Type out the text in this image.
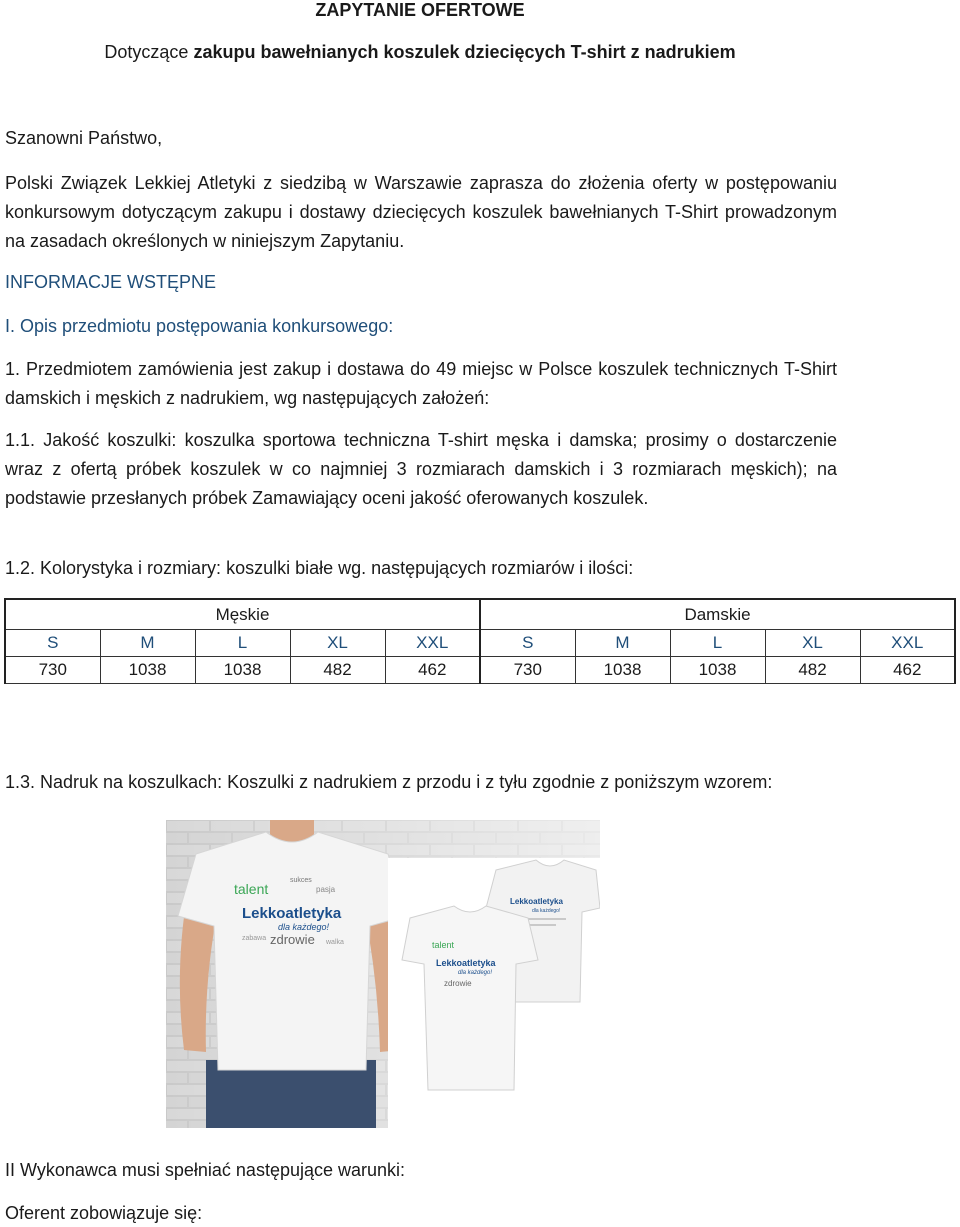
ZAPYTANIE OFERTOWE
Dotyczące zakupu bawełnianych koszulek dziecięcych T-shirt z nadrukiem
Szanowni Państwo,
Polski Związek Lekkiej Atletyki z siedzibą w Warszawie zaprasza do złożenia oferty w postępowaniu konkursowym dotyczącym zakupu i dostawy dziecięcych koszulek bawełnianych T-Shirt prowadzonym na zasadach określonych w niniejszym Zapytaniu.
INFORMACJE WSTĘPNE
I. Opis przedmiotu postępowania konkursowego:
1. Przedmiotem zamówienia jest zakup i dostawa do 49 miejsc w Polsce koszulek technicznych T-Shirt damskich i męskich z nadrukiem, wg następujących założeń:
1.1. Jakość koszulki: koszulka sportowa techniczna T-shirt męska i damska; prosimy o dostarczenie wraz z ofertą próbek koszulek w co najmniej 3 rozmiarach damskich i 3 rozmiarach męskich); na podstawie przesłanych próbek Zamawiający oceni jakość oferowanych koszulek.
1.2. Kolorystyka i rozmiary: koszulki białe wg. następujących rozmiarów i ilości:
Męskie					Damskie				
S	M	L	XL	XXL	S	M	L	XL	XXL
730	1038	1038	482	462	730	1038	1038	482	462
1.3. Nadruk na koszulkach: Koszulki z nadrukiem z przodu i z tyłu zgodnie z poniższym wzorem:
talent
sukces
pasja
Lekkoatletyka
dla każdego!
zdrowie
zabawa
walka
Lekkoatletyka
dla każdego!
talent
Lekkoatletyka
dla każdego!
zdrowie
II Wykonawca musi spełniać następujące warunki:
Oferent zobowiązuje się:
